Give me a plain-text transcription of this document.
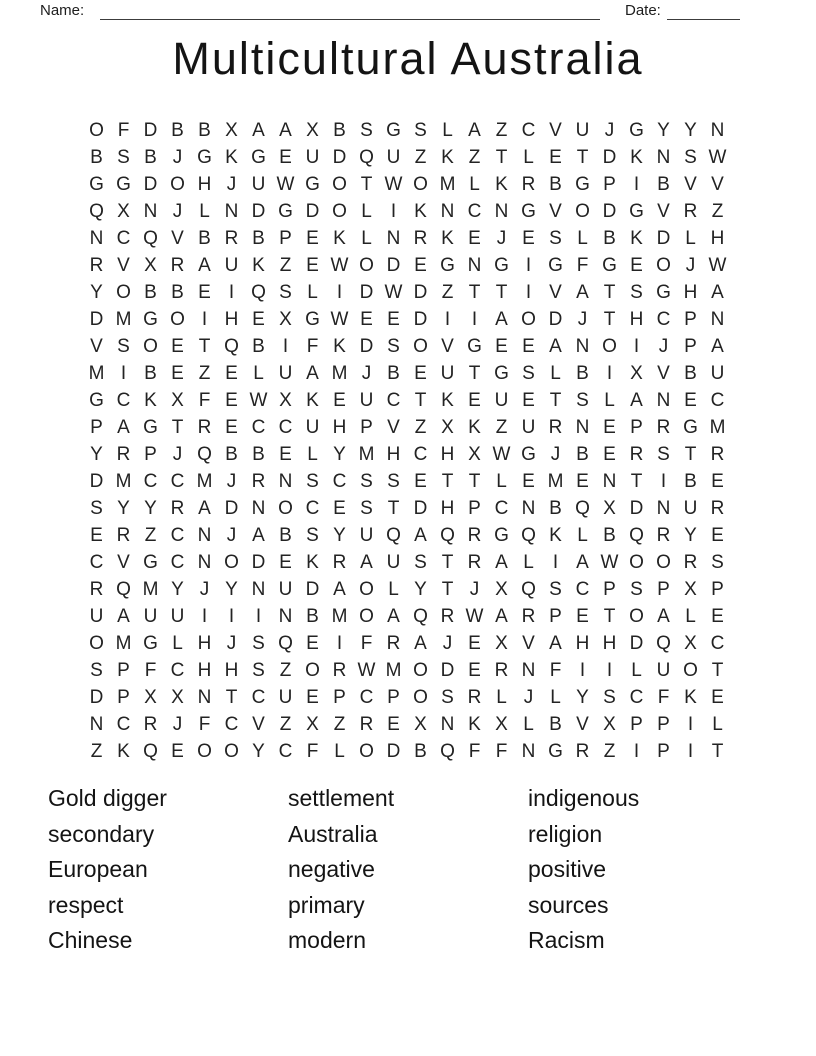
Name:	Date:
Multicultural Australia
O F D B B X A A X B S G S L A Z C V U J G Y Y N
B S B J G K G E U D Q U Z K Z T L E T D K N S W
G G D O H J U W G O T W O M L K R B G P I B V V
Q X N J L N D G D O L	I K N C N G V O D G V R Z
N C Q V B R B P E K L N R K E J E S L B K D L H
R V X R A U K Z E W O D E G N G I G F G E O J W
Y O B B E I Q S L	I D W D Z T T I V A T S G H A
D M G O I H E X G W E E D I	I A O D J T H C P N
V S O E T Q B I F K D S O V G E E A N O I	J P A
M I B E Z E L U A M J B E U T G S L B I X V B U
G C K X F E W X K E U C T K E U E T S L A N E C
P A G T R E C C U H P V Z X K Z U R N E P R G M
Y R P J Q B B E L Y M H C H X W G J B E R S T R
D M C C M J R N S C S S E T T L E M E N T I B E
S Y Y R A D N O C E S T D H P C N B Q X D N U R
E R Z C N J A B S Y U Q A Q R G Q K L B Q R Y E
C V G C N O D E K R A U S T R A L	I A W O O R S
R Q M Y J Y N U D A O L Y T J X Q S C P S P X P
U A U U I	I	I N B M O A Q R W A R P E T O A L E
O M G L H J S Q E I F R A J E X V A H H D Q X C
S P F C H H S Z O R W M O D E R N F I	I	L U O T
D P X X N T C U E P C P O S R L J L Y S C F K E
N C R J F C V Z X Z R E X N K X L B V X P P I	L
Z K Q E O O Y C F L O D B Q F F N G R Z I P I T
Gold digger
secondary
European
respect
Chinese
settlement
Australia
negative
primary
modern
indigenous
religion
positive
sources
Racism
